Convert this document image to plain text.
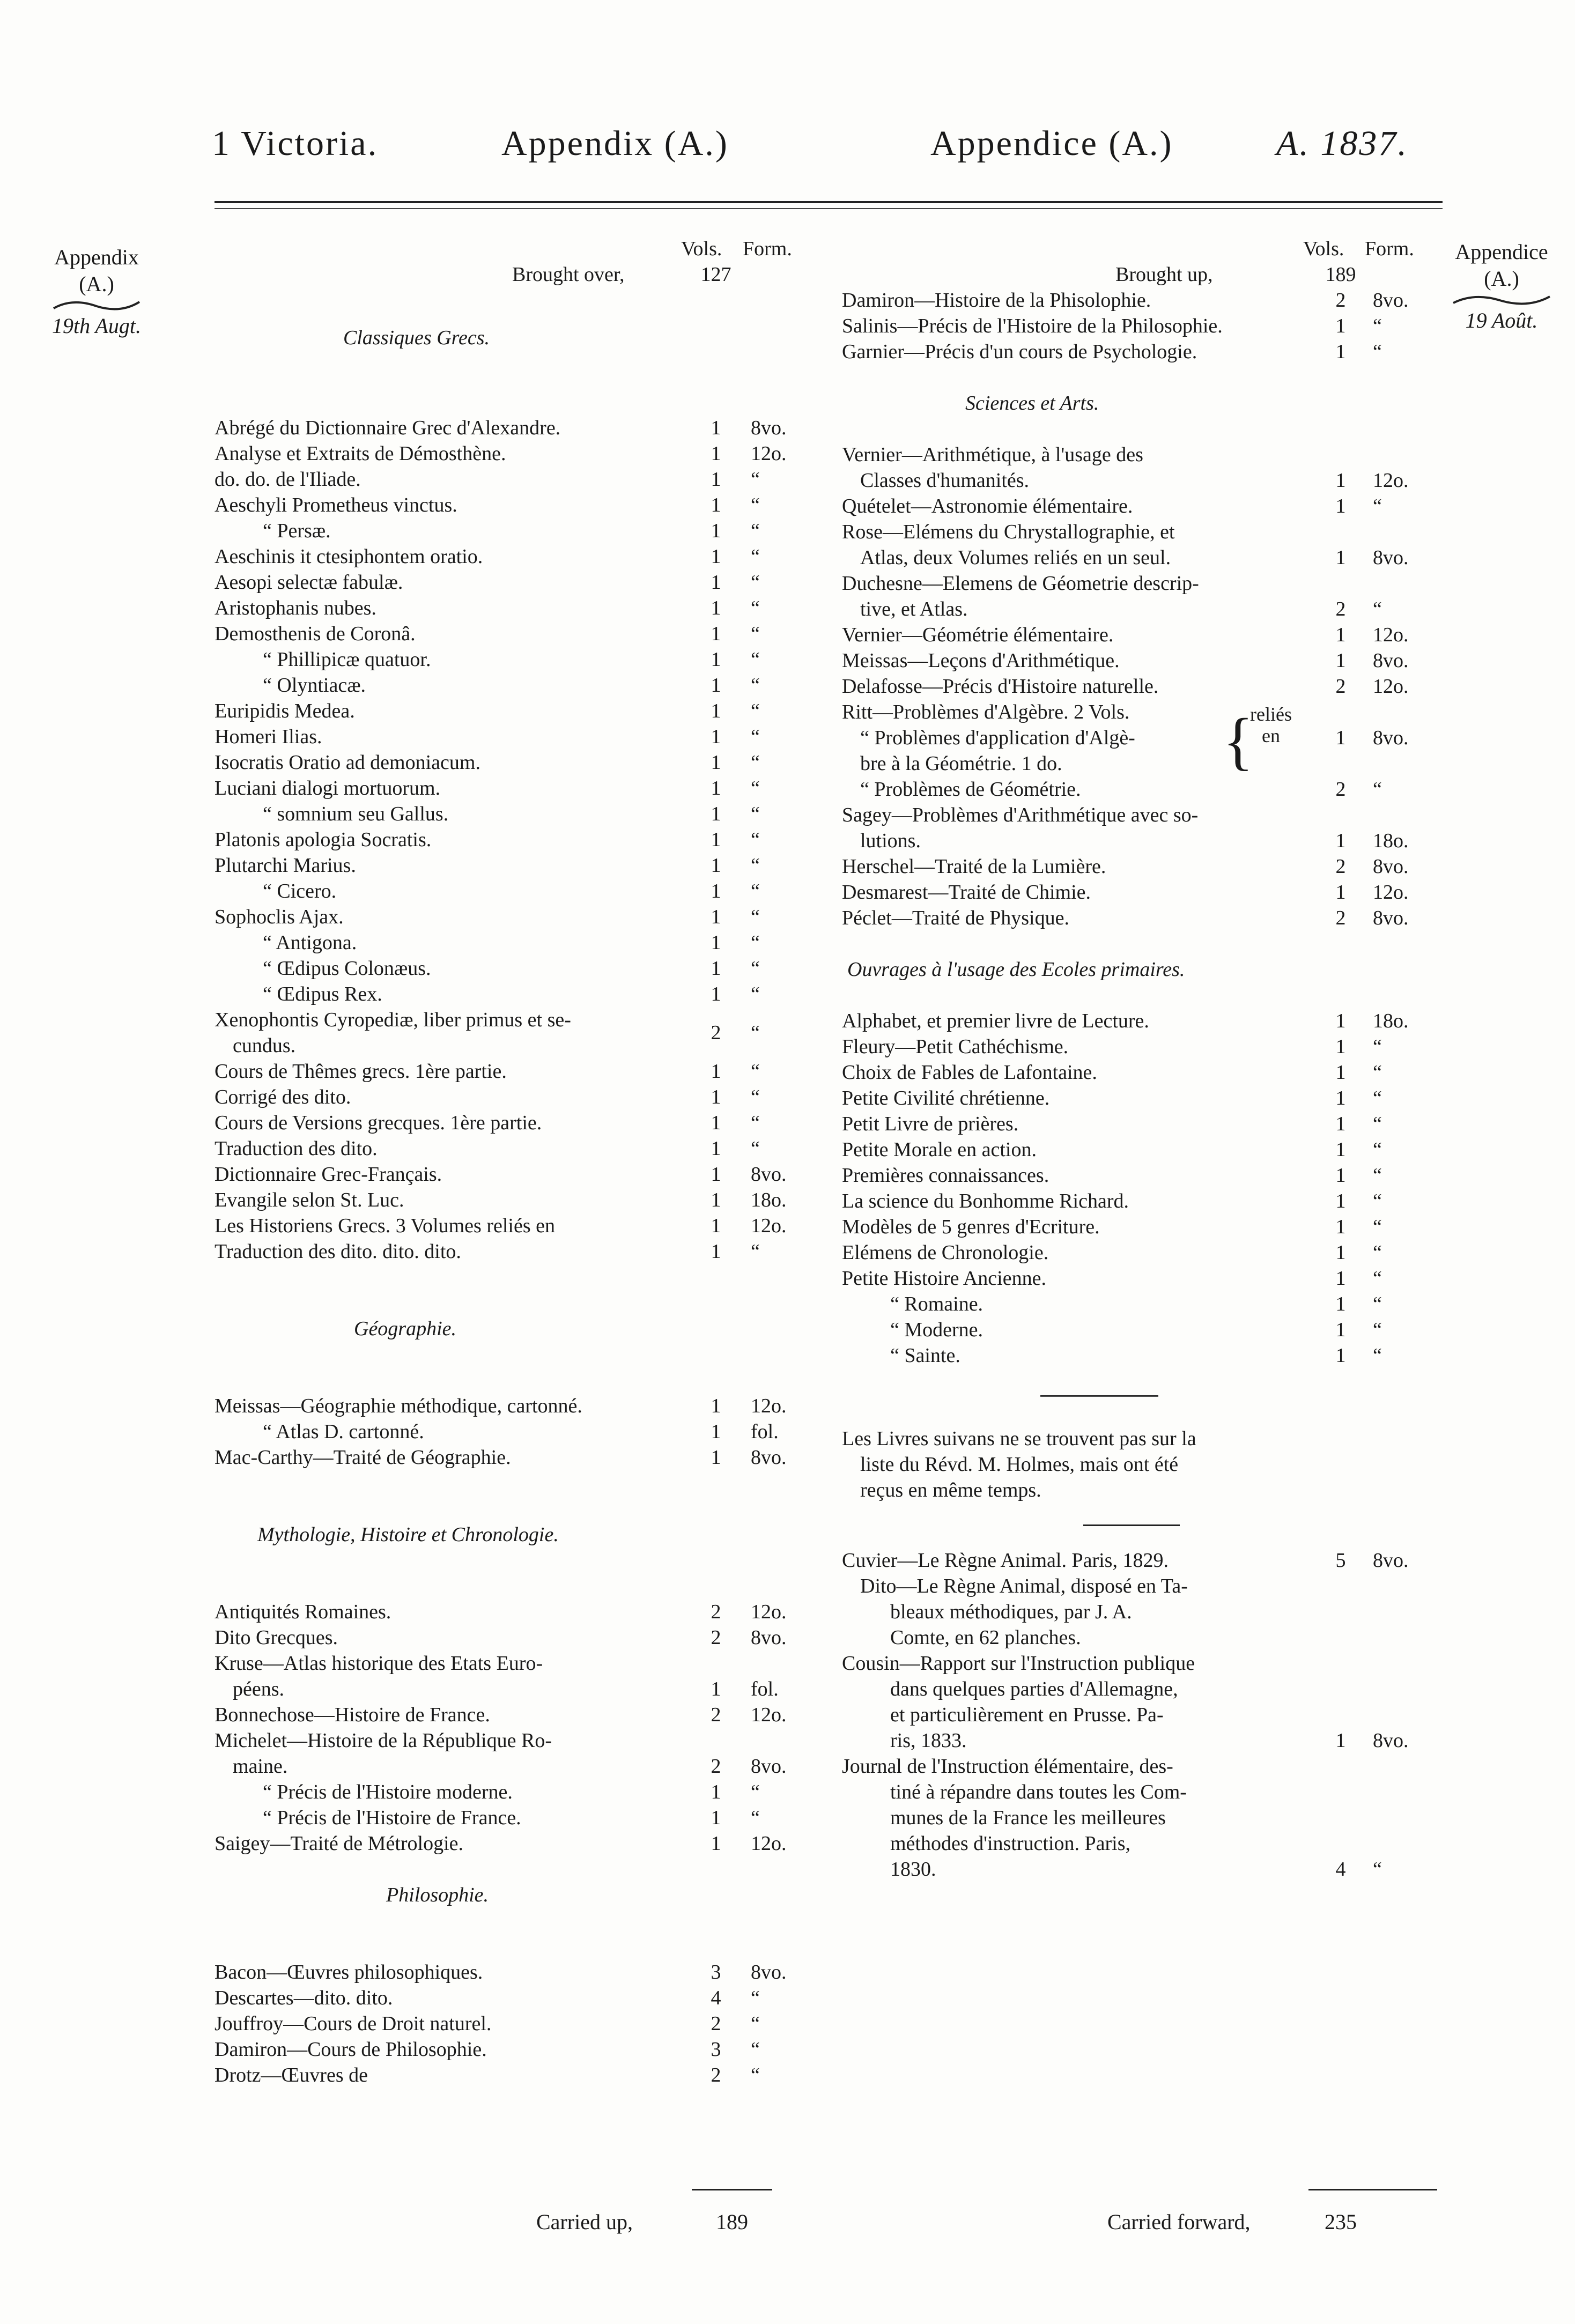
1 Victoria.	Appendix (A.)	Appendice (A.)	A. 1837.
Appendix
(A.)
19th Augt.
Appendice
(A.)
19 Août.
Vols. Form.
Brought over,	127
Classiques Grecs.
Abrégé du Dictionnaire Grec d'Alexandre.	1	8vo.
Analyse et Extraits de Démosthène.	1	12o.
do. do. de l'Iliade.	1	“
Aeschyli Prometheus vinctus.	1	“
“ Persæ.	1	“
Aeschinis it ctesiphontem oratio.	1	“
Aesopi selectæ fabulæ.	1	“
Aristophanis nubes.	1	“
Demosthenis de Coronâ.	1	“
“ Phillipicæ quatuor.	1	“
“ Olyntiacæ.	1	“
Euripidis Medea.	1	“
Homeri Ilias.	1	“
Isocratis Oratio ad demoniacum.	1	“
Luciani dialogi mortuorum.	1	“
“ somnium seu Gallus.	1	“
Platonis apologia Socratis.	1	“
Plutarchi Marius.	1	“
“ Cicero.	1	“
Sophoclis Ajax.	1	“
“ Antigona.	1	“
“ Œdipus Colonæus.	1	“
“ Œdipus Rex.	1	“
Xenophontis Cyropediæ, liber primus et se-
cundus.
2	“
Cours de Thêmes grecs. 1ère partie.	1	“
Corrigé des dito.	1	“
Cours de Versions grecques. 1ère partie.	1	“
Traduction des dito.	1	“
Dictionnaire Grec-Français.	1	8vo.
Evangile selon St. Luc.	1	18o.
Les Historiens Grecs. 3 Volumes reliés en	1	12o.
Traduction des dito. dito. dito.	1	“
Géographie.
Meissas—Géographie méthodique, cartonné.	1	12o.
“ Atlas D. cartonné.	1	fol.
Mac-Carthy—Traité de Géographie.	1	8vo.
Mythologie, Histoire et Chronologie.
Antiquités Romaines.	2	12o.
Dito Grecques.	2	8vo.
Kruse—Atlas historique des Etats Euro-
péens.	1	fol.
Bonnechose—Histoire de France.	2	12o.
Michelet—Histoire de la République Ro-
maine.	2	8vo.
“ Précis de l'Histoire moderne.	1	“
“ Précis de l'Histoire de France.	1	“
Saigey—Traité de Métrologie.	1	12o.
Philosophie.
Bacon—Œuvres philosophiques.	3	8vo.
Descartes—dito. dito.	4	“
Jouffroy—Cours de Droit naturel.	2	“
Damiron—Cours de Philosophie.	3	“
Drotz—Œuvres de	2	“
Vols. Form.
Brought up,	189
Damiron—Histoire de la Phisolophie.	2	8vo.
Salinis—Précis de l'Histoire de la Philosophie.	1	“
Garnier—Précis d'un cours de Psychologie.	1	“
Sciences et Arts.
Vernier—Arithmétique, à l'usage des
Classes d'humanités.	1	12o.
Quételet—Astronomie élémentaire.	1	“
Rose—Elémens du Chrystallographie, et
Atlas, deux Volumes reliés en un seul.	1	8vo.
Duchesne—Elemens de Géometrie descrip-
tive, et Atlas.	2	“
Vernier—Géométrie élémentaire.	1	12o.
Meissas—Leçons d'Arithmétique.	1	8vo.
Delafosse—Précis d'Histoire naturelle.	2	12o.
Ritt—Problèmes d'Algèbre. 2 Vols.
“ Problèmes d'application d'Algè- {
reliés
en	1	8vo.
bre à la Géométrie. 1 do.
“ Problèmes de Géométrie.	2	“
Sagey—Problèmes d'Arithmétique avec so-
lutions.	1	18o.
Herschel—Traité de la Lumière.	2	8vo.
Desmarest—Traité de Chimie.	1	12o.
Péclet—Traité de Physique.	2	8vo.
Ouvrages à l'usage des Ecoles primaires.
Alphabet, et premier livre de Lecture.	1	18o.
Fleury—Petit Cathéchisme.	1	“
Choix de Fables de Lafontaine.	1	“
Petite Civilité chrétienne.	1	“
Petit Livre de prières.	1	“
Petite Morale en action.	1	“
Premières connaissances.	1	“
La science du Bonhomme Richard.	1	“
Modèles de 5 genres d'Ecriture.	1	“
Elémens de Chronologie.	1	“
Petite Histoire Ancienne.	1	“
“ Romaine.	1	“
“ Moderne.	1	“
“ Sainte.	1	“
Les Livres suivans ne se trouvent pas sur la
liste du Révd. M. Holmes, mais ont été
reçus en même temps.
Cuvier—Le Règne Animal. Paris, 1829.	5	8vo.
Dito—Le Règne Animal, disposé en Ta-
bleaux méthodiques, par J. A.
Comte, en 62 planches.
Cousin—Rapport sur l'Instruction publique
dans quelques parties d'Allemagne,
et particulièrement en Prusse. Pa-
ris, 1833.	1	8vo.
Journal de l'Instruction élémentaire, des-
tiné à répandre dans toutes les Com-
munes de la France les meilleures
méthodes d'instruction. Paris,
1830.	4	“
Carried up,	189	Carried forward,	235
